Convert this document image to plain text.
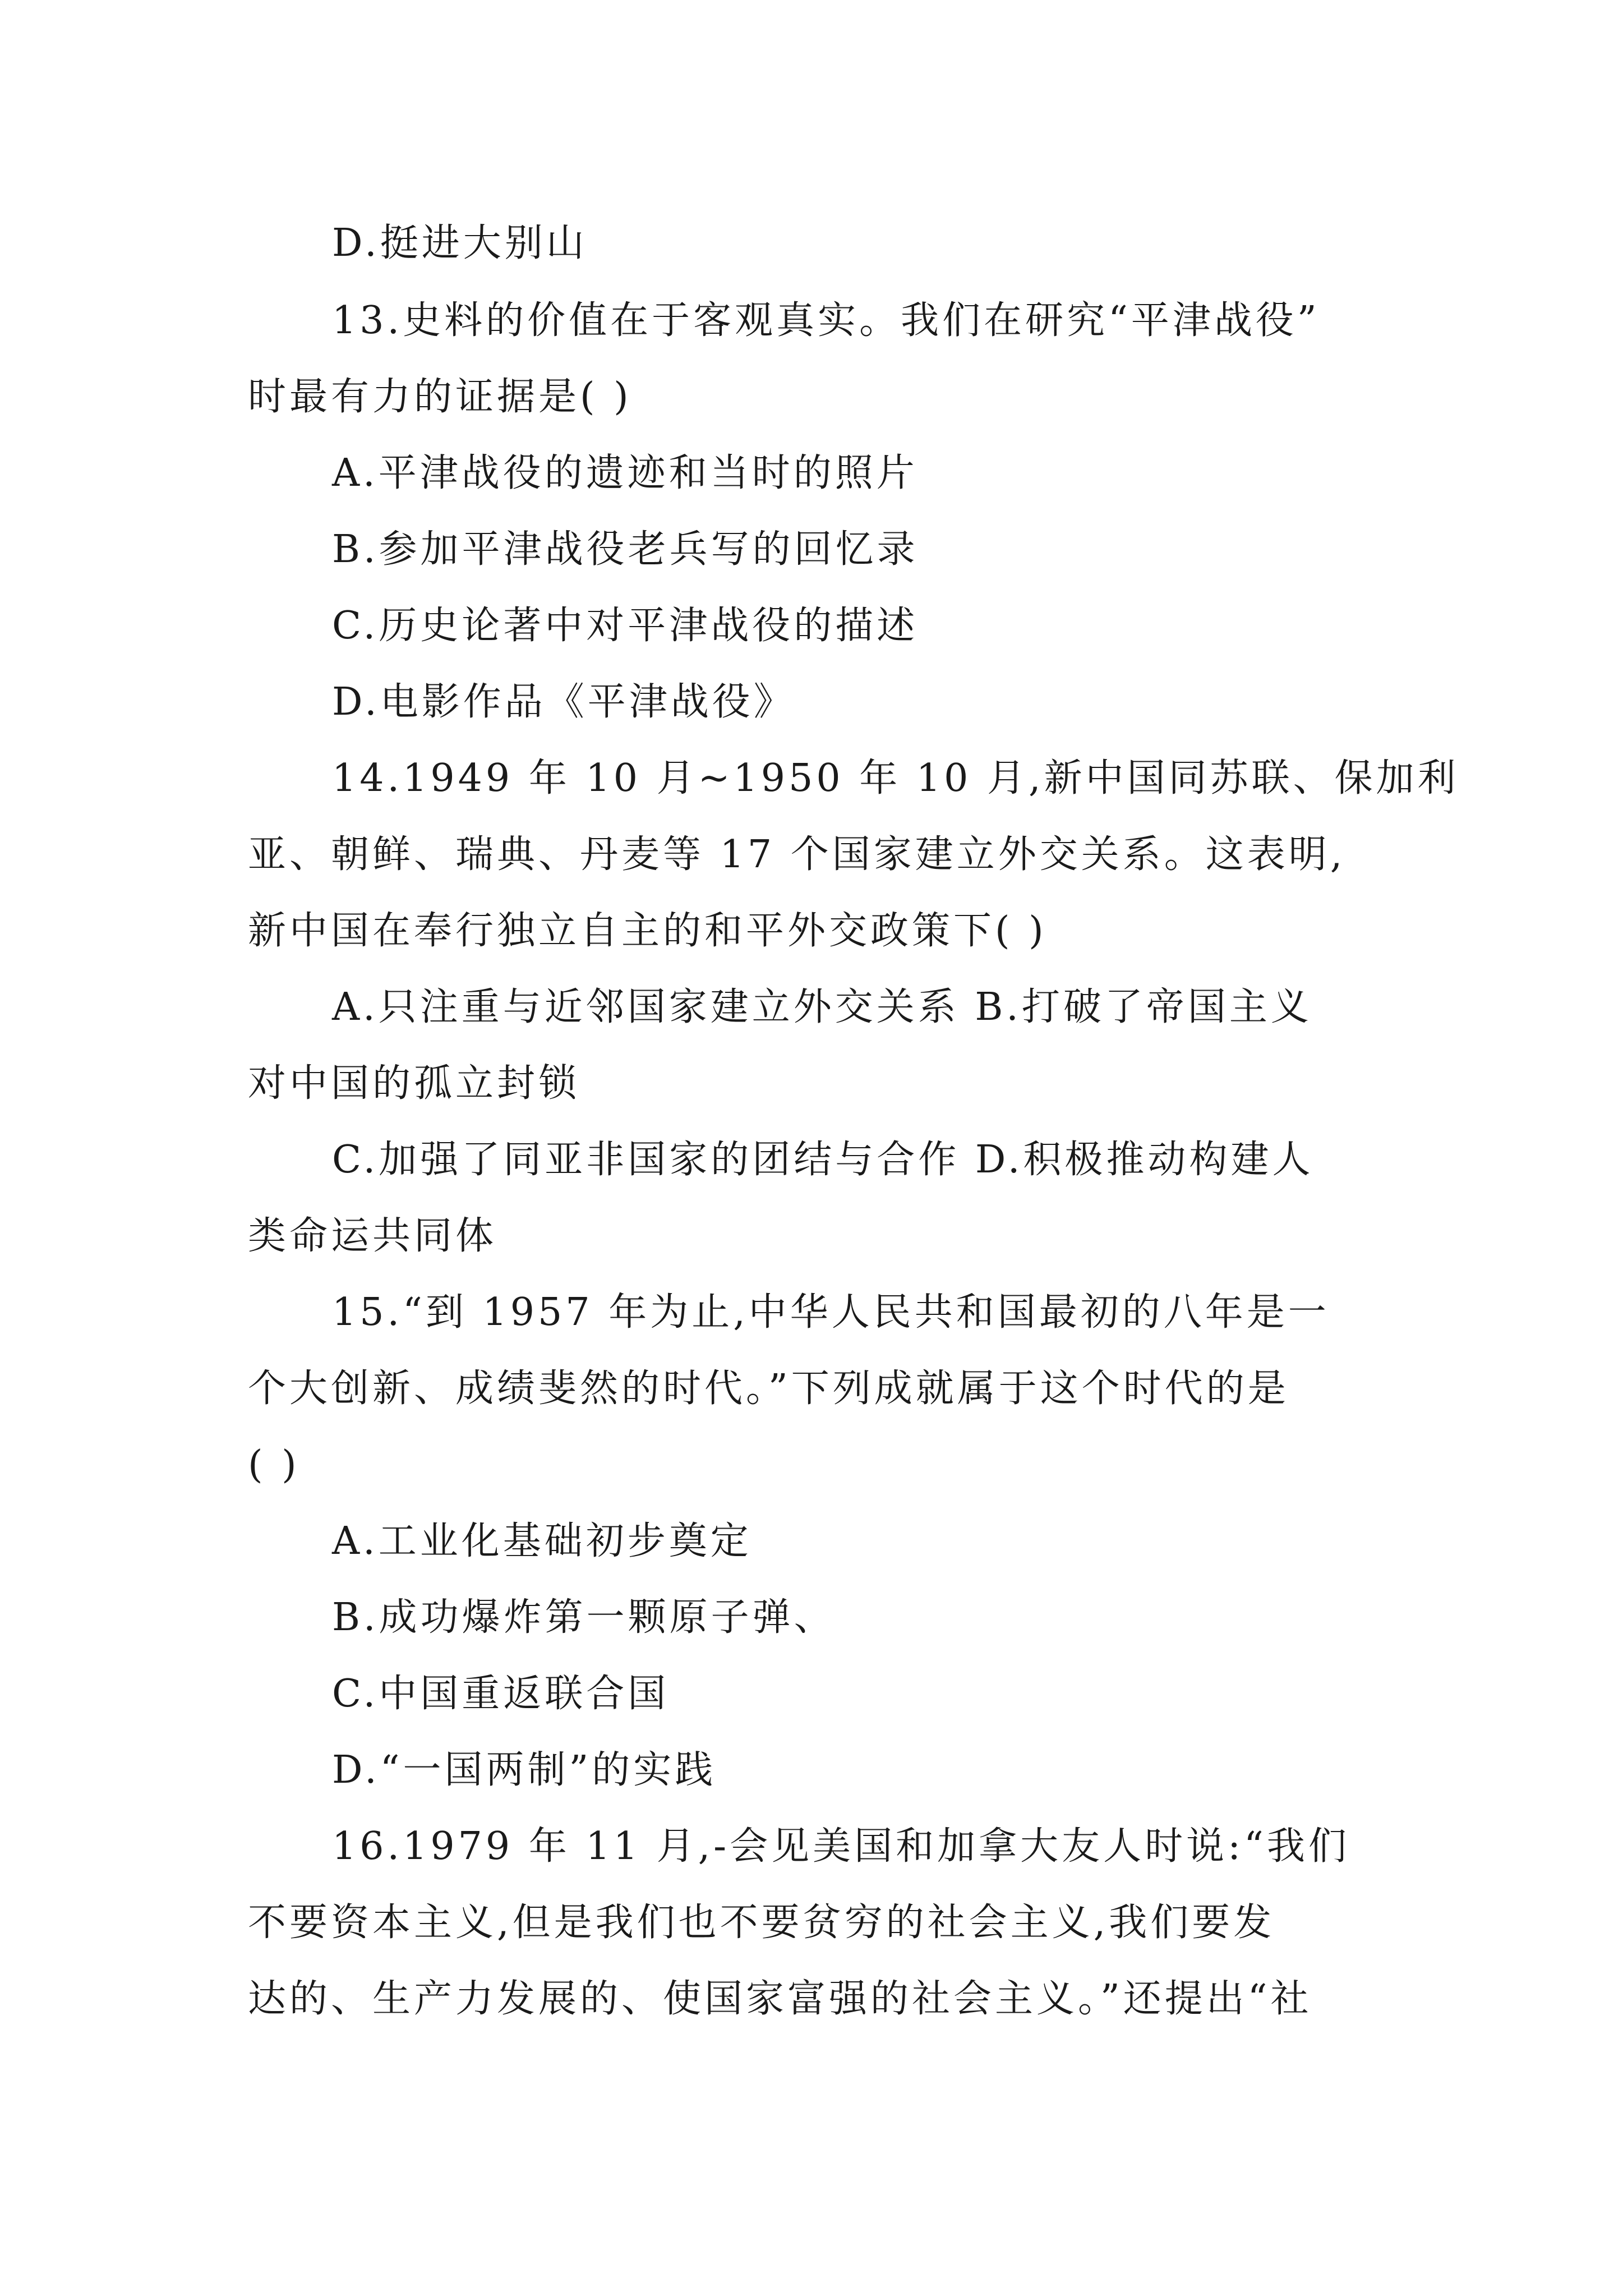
D.挺进大别山
13.史料的价值在于客观真实。我们在研究“平津战役”
时最有力的证据是( )
A.平津战役的遗迹和当时的照片
B.参加平津战役老兵写的回忆录
C.历史论著中对平津战役的描述
D.电影作品《平津战役》
14.1949 年 10 月~1950 年 10 月,新中国同苏联、保加利
亚、朝鲜、瑞典、丹麦等 17 个国家建立外交关系。这表明,
新中国在奉行独立自主的和平外交政策下( )
A.只注重与近邻国家建立外交关系 B.打破了帝国主义
对中国的孤立封锁
C.加强了同亚非国家的团结与合作 D.积极推动构建人
类命运共同体
15.“到 1957 年为止,中华人民共和国最初的八年是一
个大创新、成绩斐然的时代。”下列成就属于这个时代的是
( )
A.工业化基础初步奠定
B.成功爆炸第一颗原子弹、
C.中国重返联合国
D.“一国两制”的实践
16.1979 年 11 月,-会见美国和加拿大友人时说:“我们
不要资本主义,但是我们也不要贫穷的社会主义,我们要发
达的、生产力发展的、使国家富强的社会主义。”还提出“社
